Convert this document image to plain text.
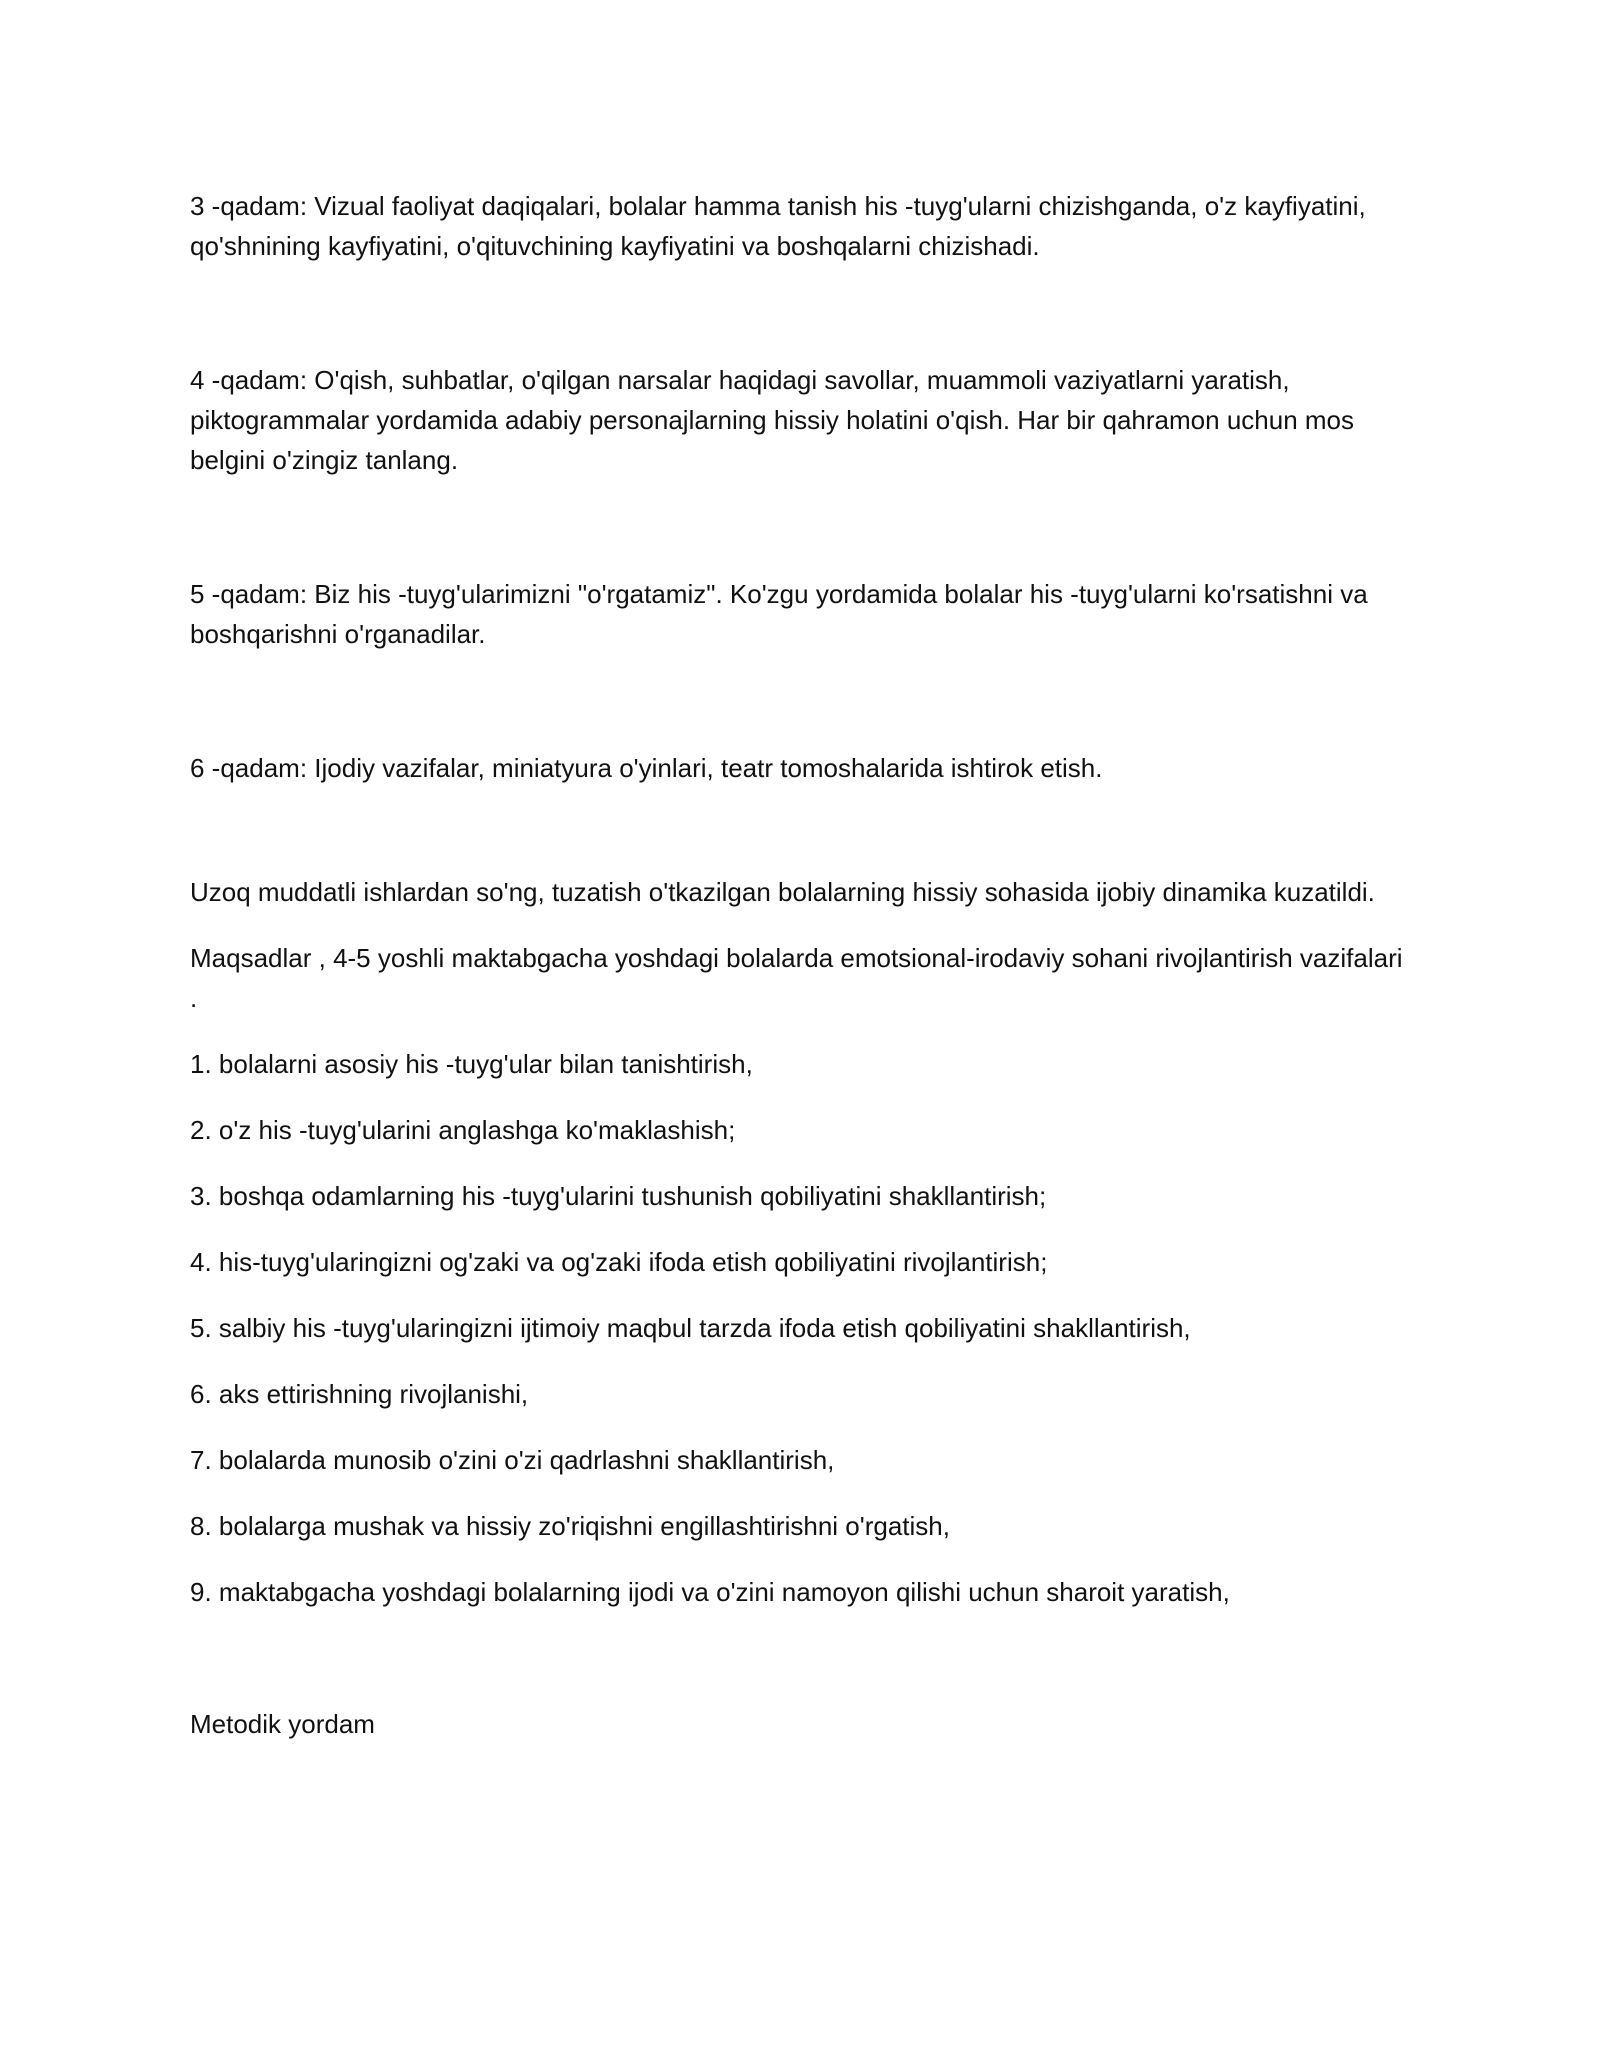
3 -qadam: Vizual faoliyat daqiqalari, bolalar hamma tanish his -tuyg'ularni chizishganda, o'z kayfiyatini, qo'shnining kayfiyatini, o'qituvchining kayfiyatini va boshqalarni chizishadi.

4 -qadam: O'qish, suhbatlar, o'qilgan narsalar haqidagi savollar, muammoli vaziyatlarni yaratish, piktogrammalar yordamida adabiy personajlarning hissiy holatini o'qish. Har bir qahramon uchun mos belgini o'zingiz tanlang.

5 -qadam: Biz his -tuyg'ularimizni "o'rgatamiz". Ko'zgu yordamida bolalar his -tuyg'ularni ko'rsatishni va boshqarishni o'rganadilar.

6 -qadam: Ijodiy vazifalar, miniatyura o'yinlari, teatr tomoshalarida ishtirok etish.

Uzoq muddatli ishlardan so'ng, tuzatish o'tkazilgan bolalarning hissiy sohasida ijobiy dinamika kuzatildi.

Maqsadlar , 4-5 yoshli maktabgacha yoshdagi bolalarda emotsional-irodaviy sohani rivojlantirish vazifalari .

1. bolalarni asosiy his -tuyg'ular bilan tanishtirish,

2. o'z his -tuyg'ularini anglashga ko'maklashish;

3. boshqa odamlarning his -tuyg'ularini tushunish qobiliyatini shakllantirish;

4. his-tuyg'ularingizni og'zaki va og'zaki ifoda etish qobiliyatini rivojlantirish;

5. salbiy his -tuyg'ularingizni ijtimoiy maqbul tarzda ifoda etish qobiliyatini shakllantirish,

6. aks ettirishning rivojlanishi,

7. bolalarda munosib o'zini o'zi qadrlashni shakllantirish,

8. bolalarga mushak va hissiy zo'riqishni engillashtirishni o'rgatish,

9. maktabgacha yoshdagi bolalarning ijodi va o'zini namoyon qilishi uchun sharoit yaratish,

Metodik yordam
